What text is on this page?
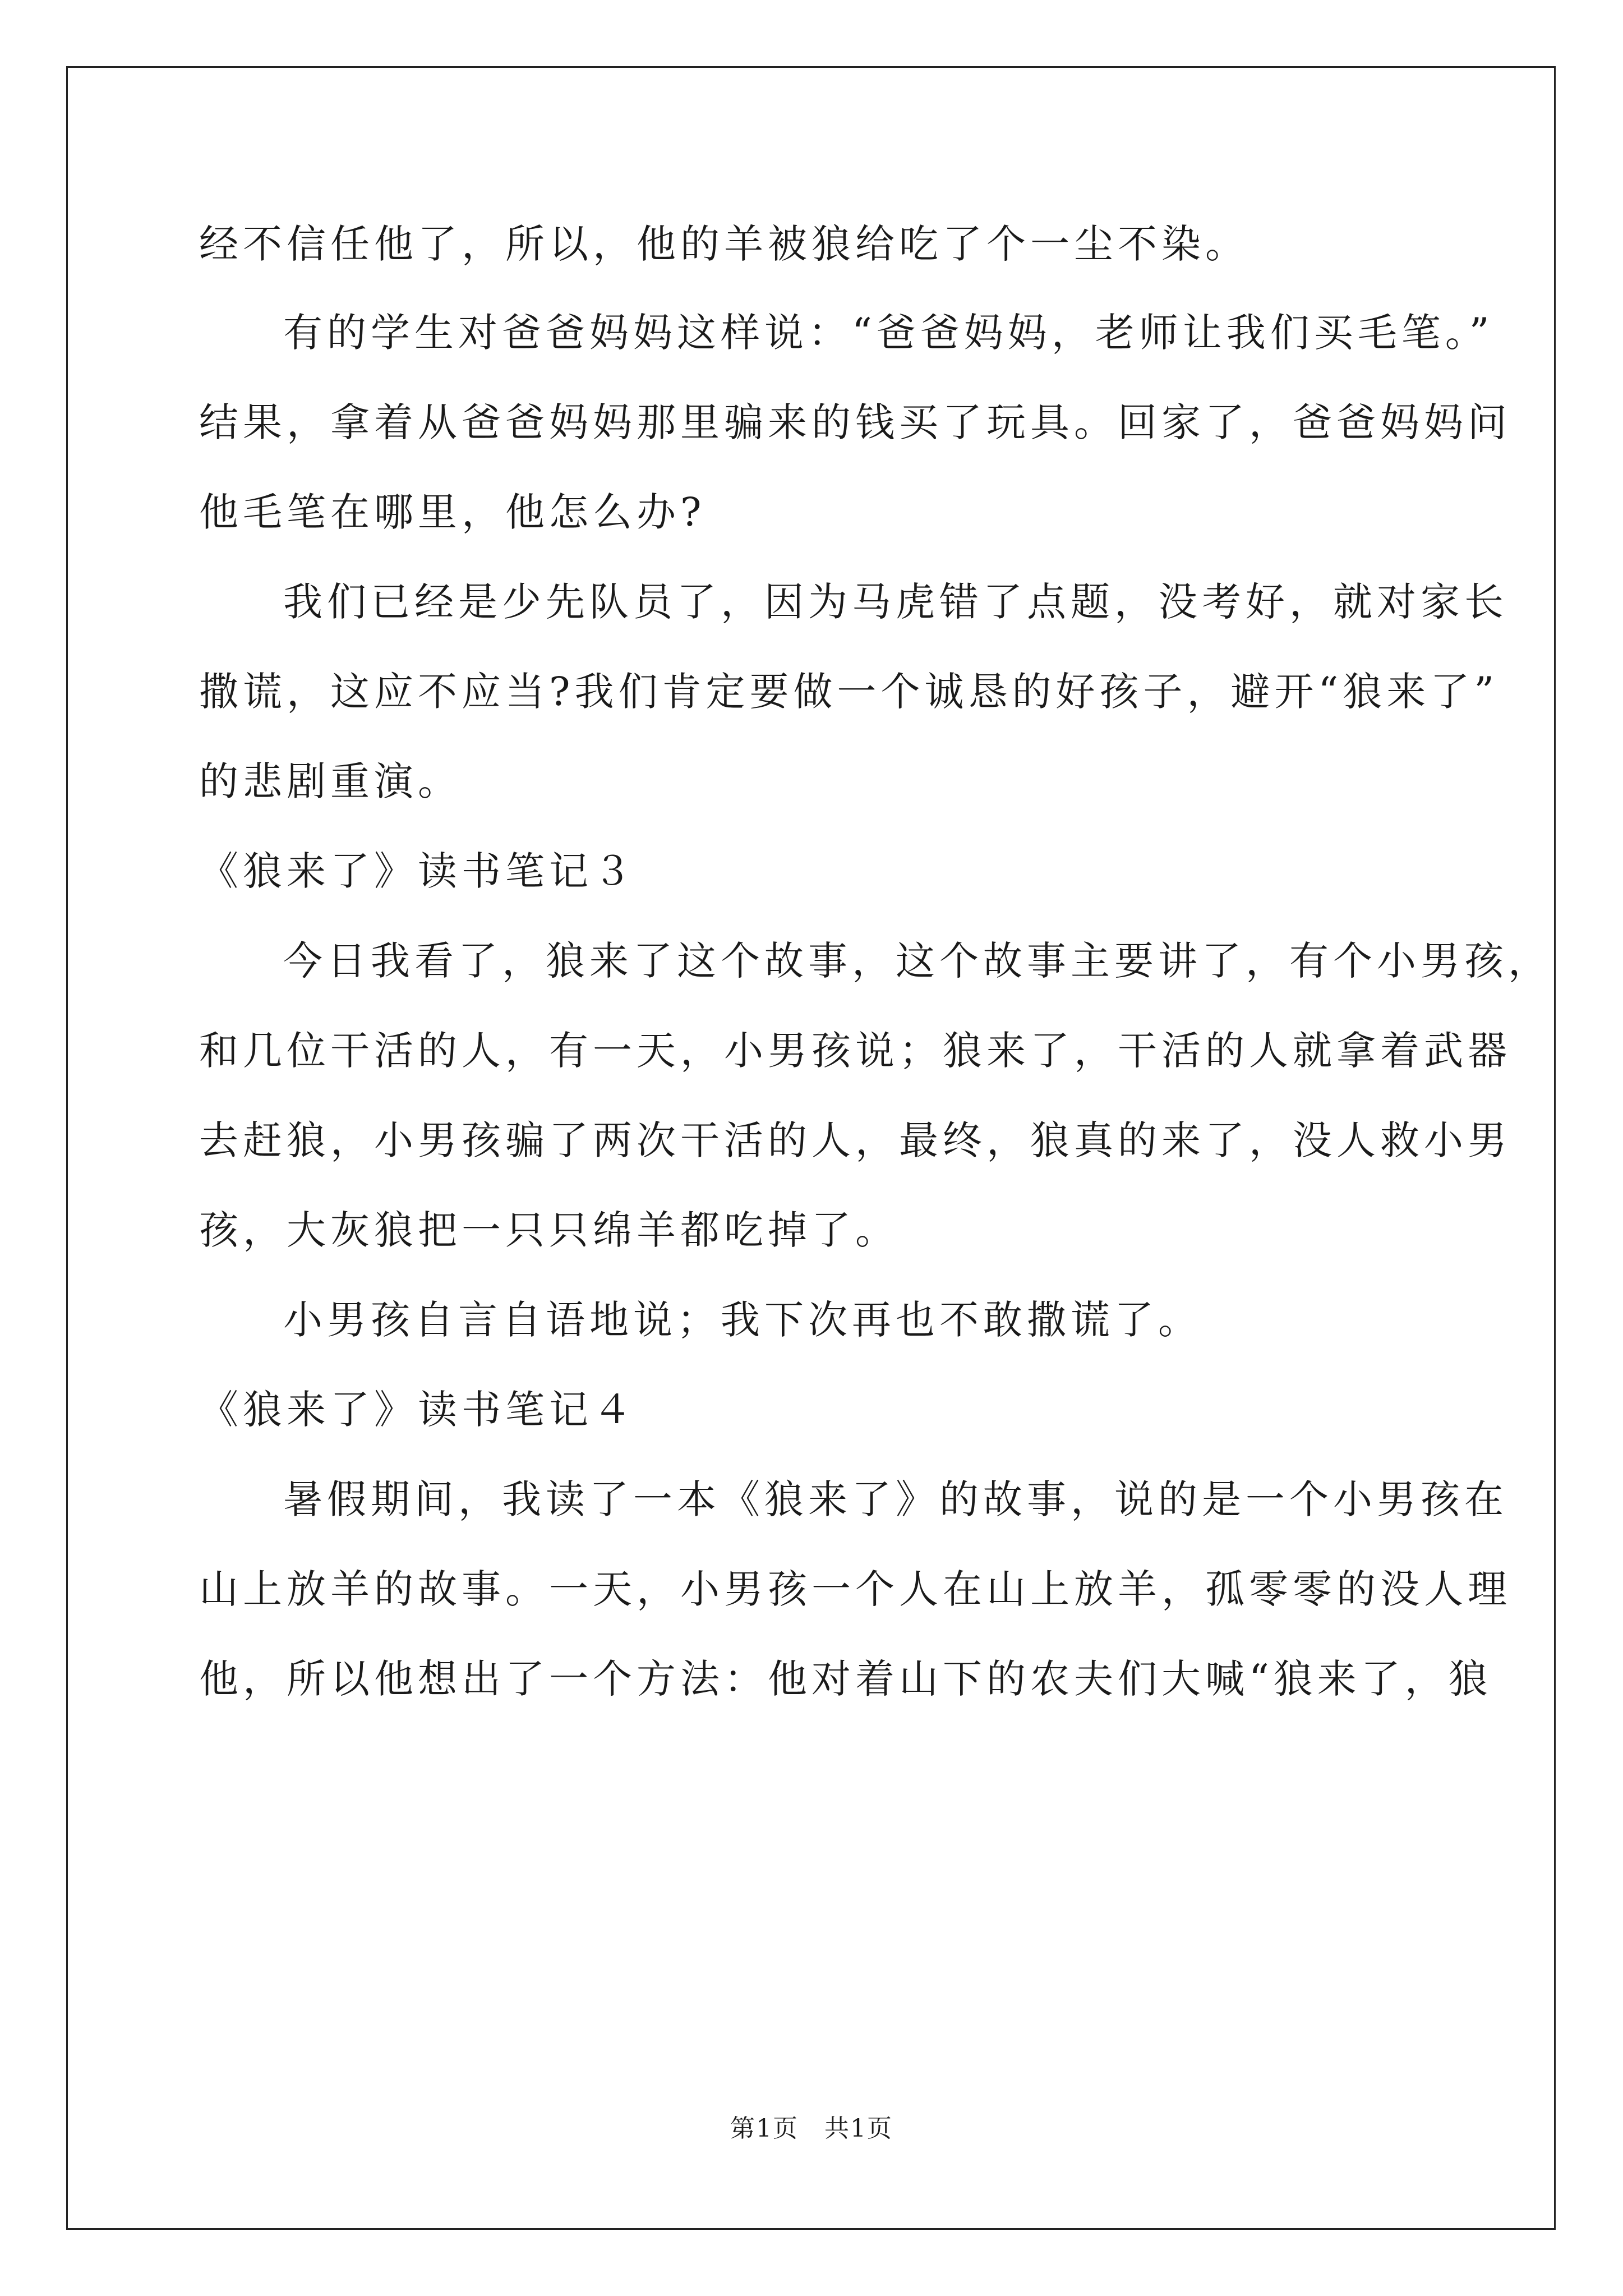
经不信任他了，所以，他的羊被狼给吃了个一尘不染。
有的学生对爸爸妈妈这样说：“爸爸妈妈，老师让我们买毛笔。”
结果，拿着从爸爸妈妈那里骗来的钱买了玩具。回家了，爸爸妈妈问
他毛笔在哪里，他怎么办?
我们已经是少先队员了，因为马虎错了点题，没考好，就对家长
撒谎，这应不应当?我们肯定要做一个诚恳的好孩子，避开“狼来了”
的悲剧重演。
《狼来了》读书笔记３
今日我看了，狼来了这个故事，这个故事主要讲了，有个小男孩，
和几位干活的人，有一天，小男孩说；狼来了，干活的人就拿着武器
去赶狼，小男孩骗了两次干活的人，最终，狼真的来了，没人救小男
孩，大灰狼把一只只绵羊都吃掉了。
小男孩自言自语地说；我下次再也不敢撒谎了。
《狼来了》读书笔记４
暑假期间，我读了一本《狼来了》的故事，说的是一个小男孩在
山上放羊的故事。一天，小男孩一个人在山上放羊，孤零零的没人理
他，所以他想出了一个方法：他对着山下的农夫们大喊“狼来了，狼
第1页　共1页
